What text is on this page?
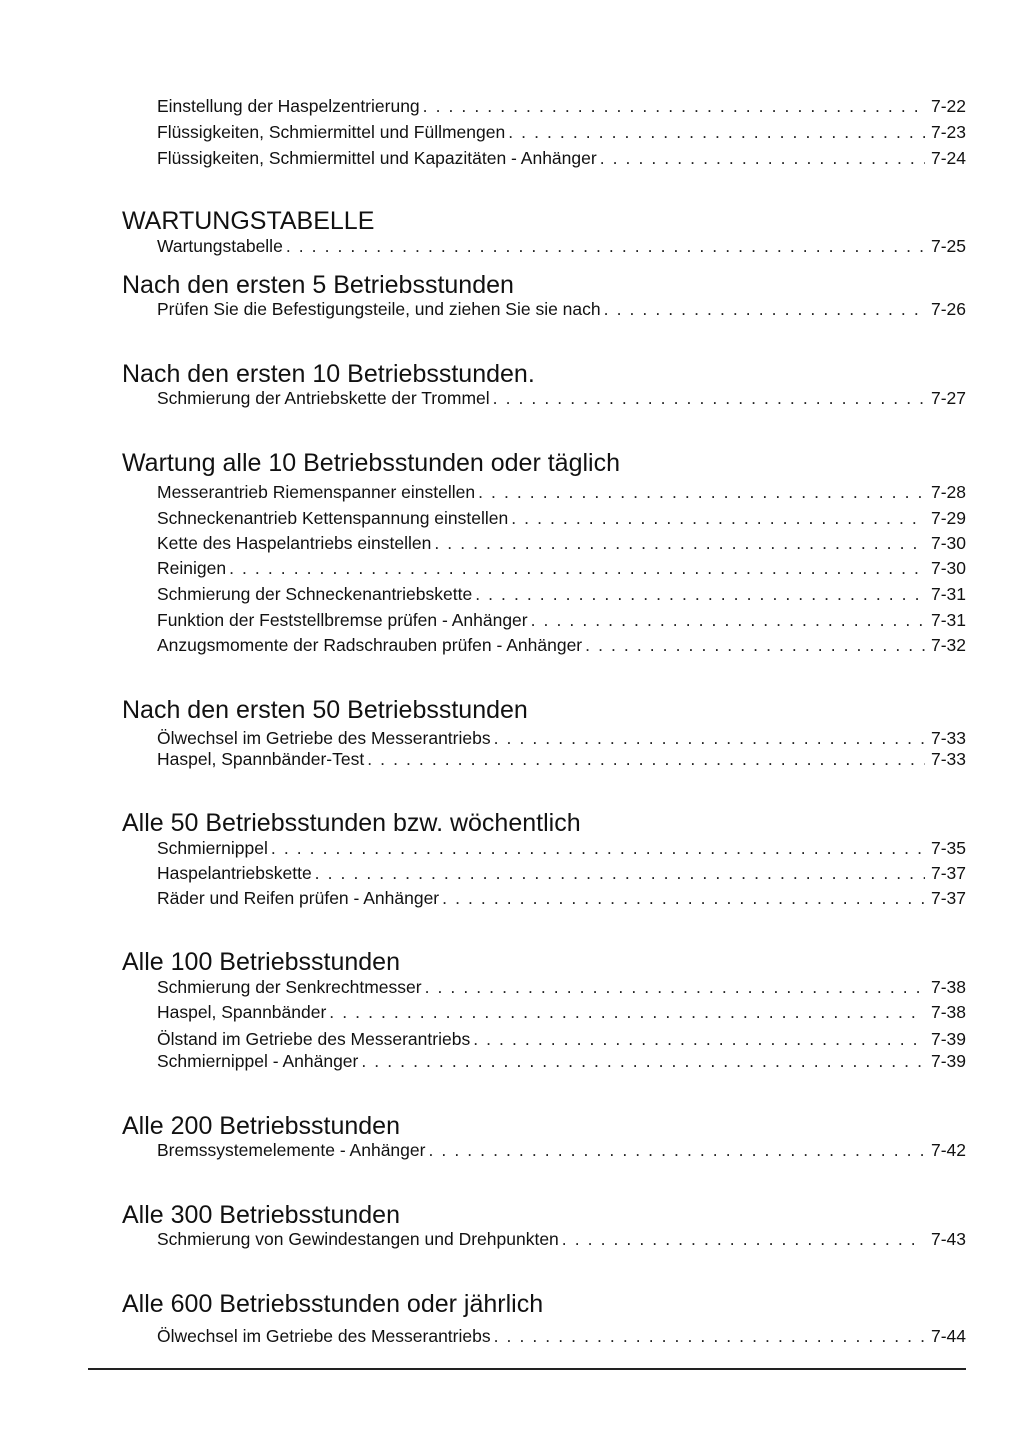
Einstellung der Haspelzentrierung . . .	7-22
Flüssigkeiten, Schmiermittel und Füllmengen . . .	7-23
Flüssigkeiten, Schmiermittel und Kapazitäten - Anhänger . . .	7-24
WARTUNGSTABELLE
Wartungstabelle . . .	7-25
Nach den ersten 5 Betriebsstunden
Prüfen Sie die Befestigungsteile, und ziehen Sie sie nach . . .	7-26
Nach den ersten 10 Betriebsstunden.
Schmierung der Antriebskette der Trommel . . .	7-27
Wartung alle 10 Betriebsstunden oder täglich
Messerantrieb Riemenspanner einstellen . . .	7-28
Schneckenantrieb Kettenspannung einstellen . . .	7-29
Kette des Haspelantriebs einstellen . . .	7-30
Reinigen . . .	7-30
Schmierung der Schneckenantriebskette . . .	7-31
Funktion der Feststellbremse prüfen - Anhänger . . .	7-31
Anzugsmomente der Radschrauben prüfen - Anhänger . . .	7-32
Nach den ersten 50 Betriebsstunden
Ölwechsel im Getriebe des Messerantriebs . . .	7-33
Haspel, Spannbänder-Test . . .	7-33
Alle 50 Betriebsstunden bzw. wöchentlich
Schmiernippel . . .	7-35
Haspelantriebskette . . .	7-37
Räder und Reifen prüfen - Anhänger . . .	7-37
Alle 100 Betriebsstunden
Schmierung der Senkrechtmesser . . .	7-38
Haspel, Spannbänder . . .	7-38
Ölstand im Getriebe des Messerantriebs . . .	7-39
Schmiernippel - Anhänger . . .	7-39
Alle 200 Betriebsstunden
Bremssystemelemente - Anhänger . . .	7-42
Alle 300 Betriebsstunden
Schmierung von Gewindestangen und Drehpunkten . . .	7-43
Alle 600 Betriebsstunden oder jährlich
Ölwechsel im Getriebe des Messerantriebs . . .	7-44
